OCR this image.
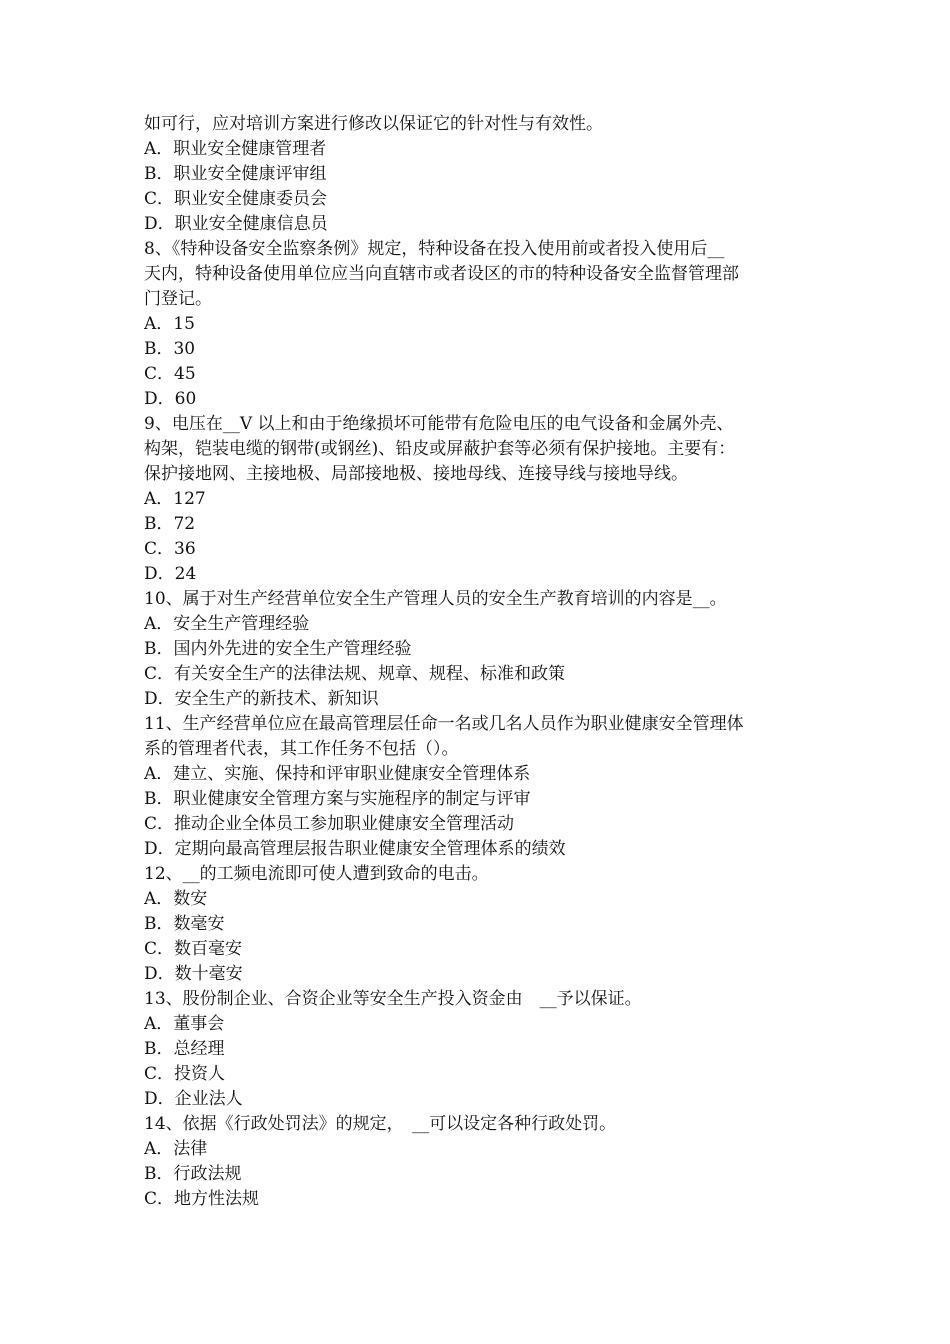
如可行，应对培训方案进行修改以保证它的针对性与有效性。
A．职业安全健康管理者
B．职业安全健康评审组
C．职业安全健康委员会
D．职业安全健康信息员
8、《特种设备安全监察条例》规定，特种设备在投入使用前或者投入使用后__
天内，特种设备使用单位应当向直辖市或者设区的市的特种设备安全监督管理部
门登记。
A．15
B．30
C．45
D．60
9、电压在__V 以上和由于绝缘损坏可能带有危险电压的电气设备和金属外壳、
构架，铠装电缆的钢带(或钢丝)、铅皮或屏蔽护套等必须有保护接地。主要有：
保护接地网、主接地极、局部接地极、接地母线、连接导线与接地导线。
A．127
B．72
C．36
D．24
10、属于对生产经营单位安全生产管理人员的安全生产教育培训的内容是__。
A．安全生产管理经验
B．国内外先进的安全生产管理经验
C．有关安全生产的法律法规、规章、规程、标准和政策
D．安全生产的新技术、新知识
11、生产经营单位应在最高管理层任命一名或几名人员作为职业健康安全管理体
系的管理者代表，其工作任务不包括（）。
A．建立、实施、保持和评审职业健康安全管理体系
B．职业健康安全管理方案与实施程序的制定与评审
C．推动企业全体员工参加职业健康安全管理活动
D．定期向最高管理层报告职业健康安全管理体系的绩效
12、__的工频电流即可使人遭到致命的电击。
A．数安
B．数毫安
C．数百毫安
D．数十毫安
13、股份制企业、合资企业等安全生产投入资金由　__予以保证。
A．董事会
B．总经理
C．投资人
D．企业法人
14、依据《行政处罚法》的规定，　__可以设定各种行政处罚。
A．法律
B．行政法规
C．地方性法规
